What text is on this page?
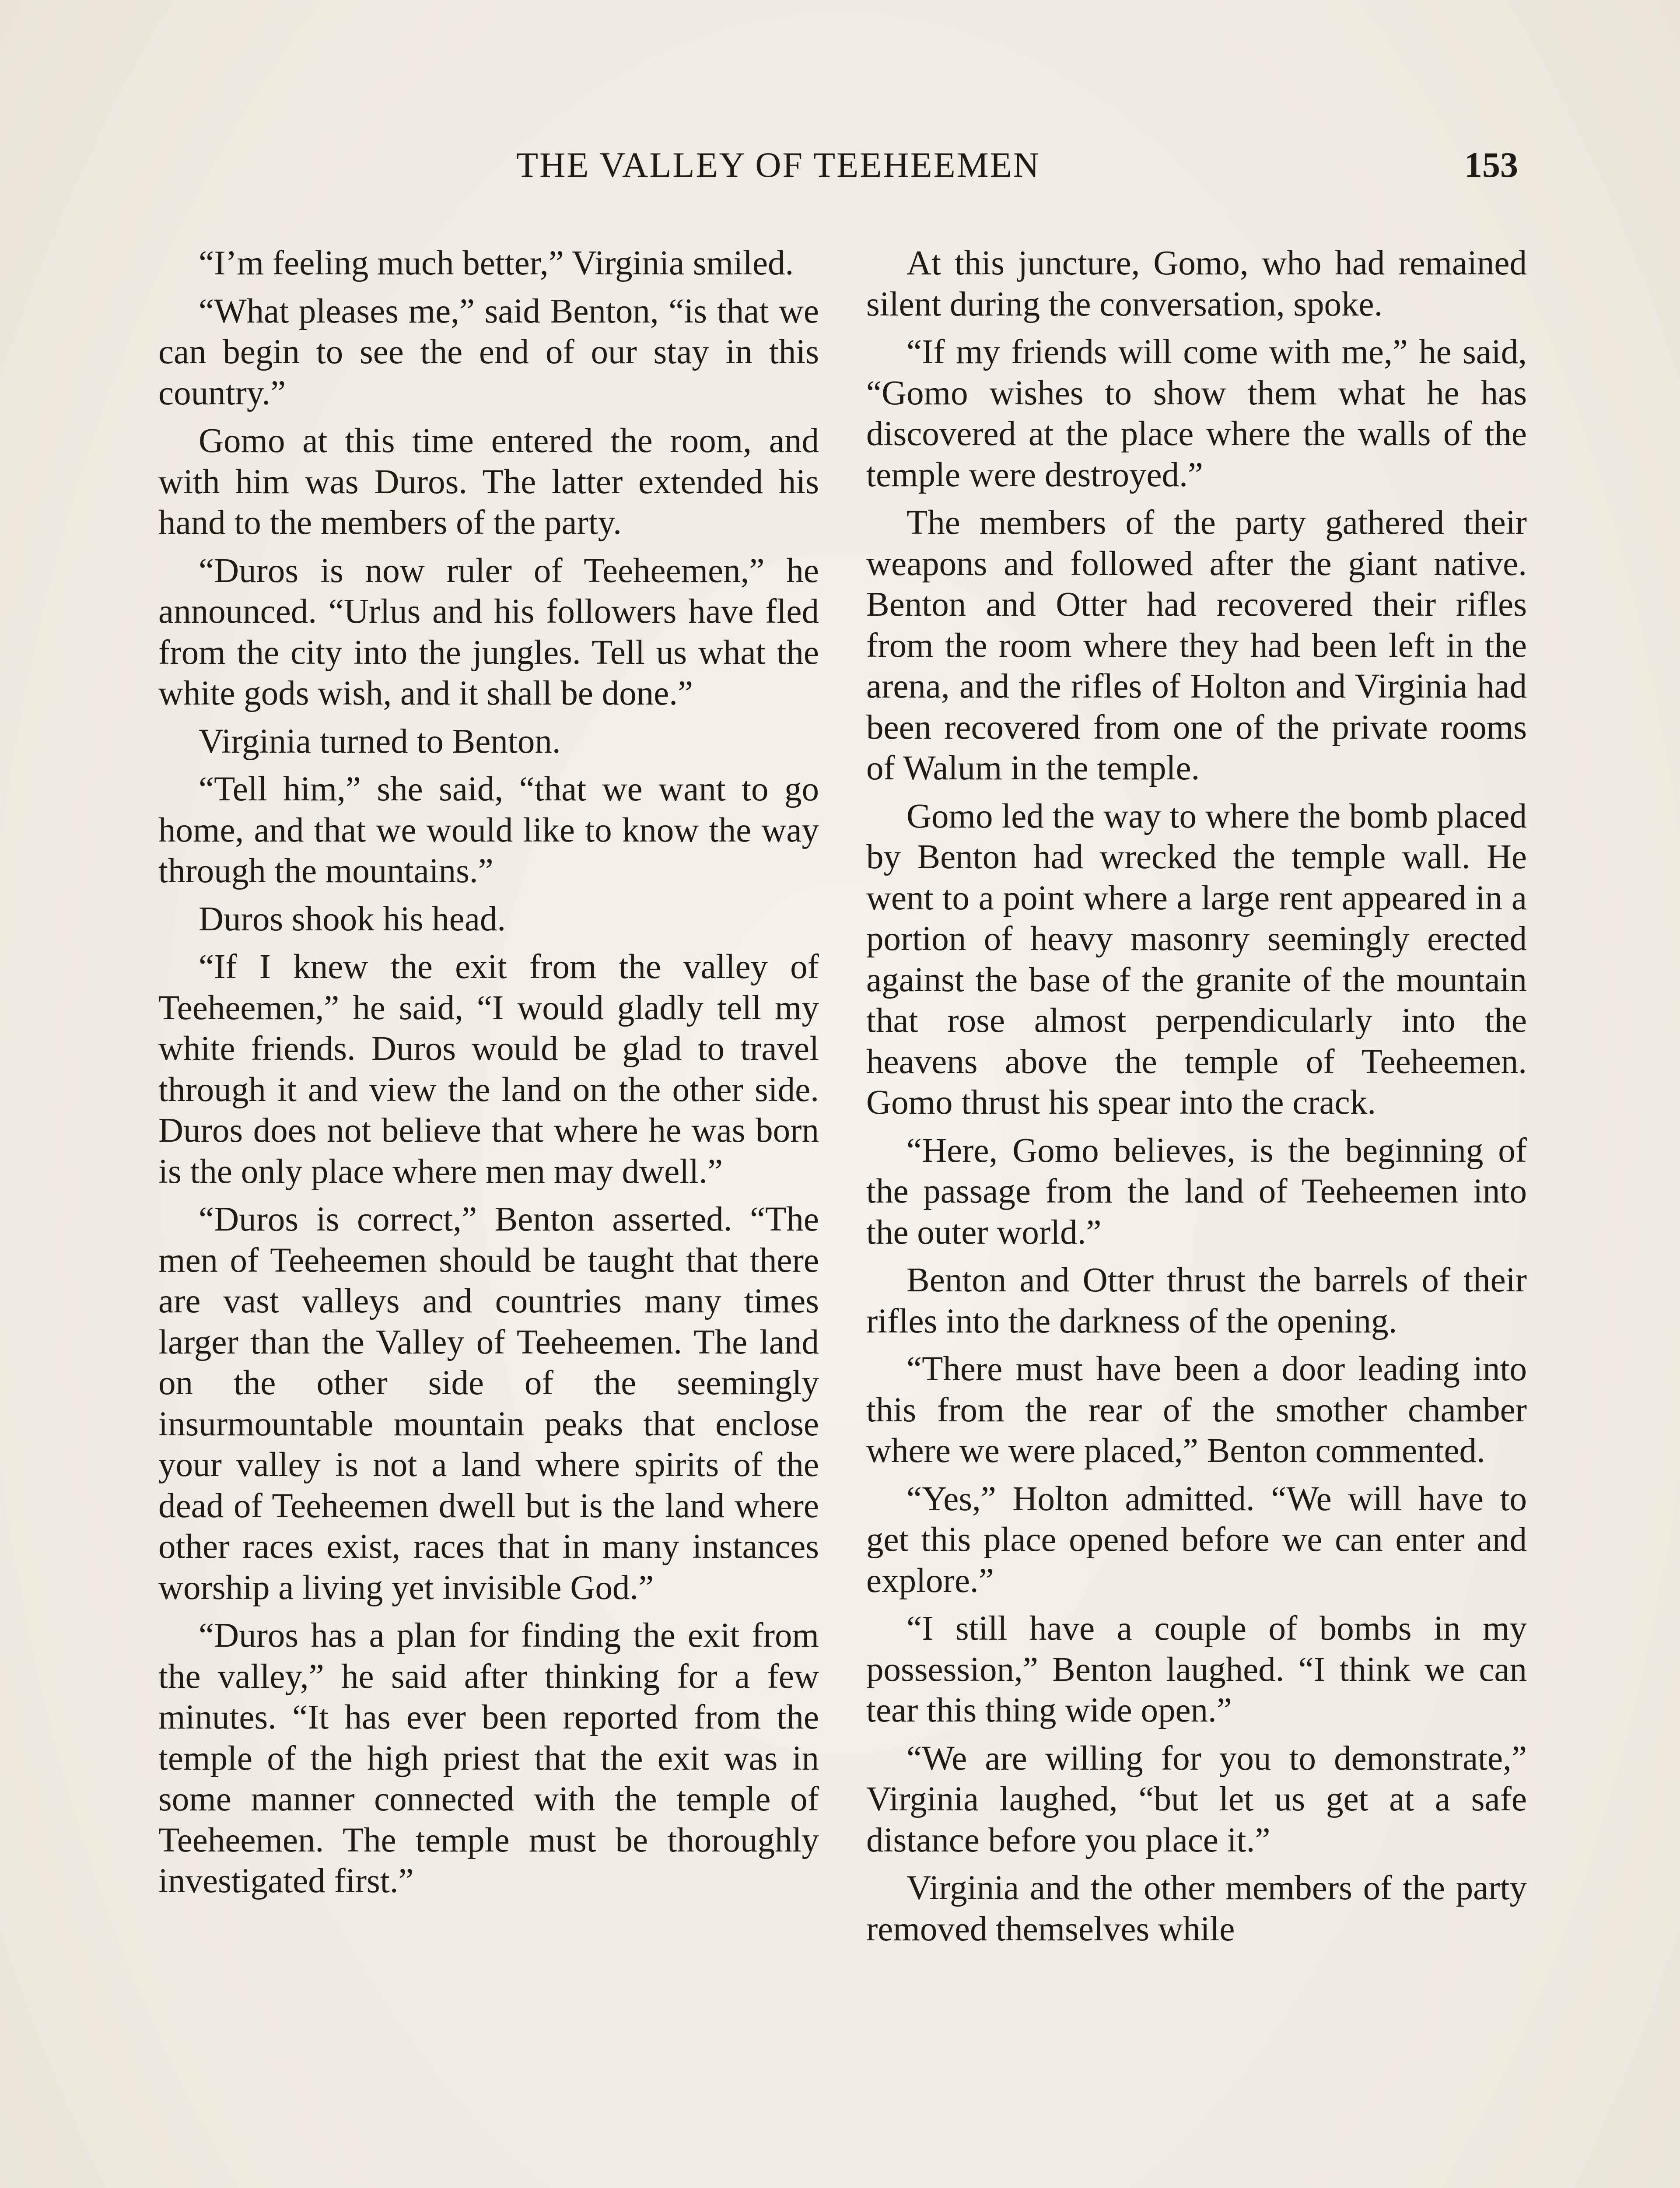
THE VALLEY OF TEEHEEMEN	153

“I’m feeling much better,” Virginia smiled.

“What pleases me,” said Benton, “is that we can begin to see the end of our stay in this country.”

Gomo at this time entered the room, and with him was Duros. The latter extended his hand to the members of the party.

“Duros is now ruler of Teeheemen,” he announced. “Urlus and his followers have fled from the city into the jungles. Tell us what the white gods wish, and it shall be done.”

Virginia turned to Benton.

“Tell him,” she said, “that we want to go home, and that we would like to know the way through the mountains.”

Duros shook his head.

“If I knew the exit from the valley of Teeheemen,” he said, “I would gladly tell my white friends. Duros would be glad to travel through it and view the land on the other side. Duros does not believe that where he was born is the only place where men may dwell.”

“Duros is correct,” Benton asserted. “The men of Teeheemen should be taught that there are vast valleys and countries many times larger than the Valley of Teeheemen. The land on the other side of the seemingly insurmountable mountain peaks that enclose your valley is not a land where spirits of the dead of Teeheemen dwell but is the land where other races exist, races that in many instances worship a living yet invisible God.”

“Duros has a plan for finding the exit from the valley,” he said after thinking for a few minutes. “It has ever been reported from the temple of the high priest that the exit was in some manner connected with the temple of Teeheemen. The temple must be thoroughly investigated first.”

At this juncture, Gomo, who had remained silent during the conversation, spoke.

“If my friends will come with me,” he said, “Gomo wishes to show them what he has discovered at the place where the walls of the temple were destroyed.”

The members of the party gathered their weapons and followed after the giant native. Benton and Otter had recovered their rifles from the room where they had been left in the arena, and the rifles of Holton and Virginia had been recovered from one of the private rooms of Walum in the temple.

Gomo led the way to where the bomb placed by Benton had wrecked the temple wall. He went to a point where a large rent appeared in a portion of heavy masonry seemingly erected against the base of the granite of the mountain that rose almost perpendicularly into the heavens above the temple of Teeheemen. Gomo thrust his spear into the crack.

“Here, Gomo believes, is the beginning of the passage from the land of Teeheemen into the outer world.”

Benton and Otter thrust the barrels of their rifles into the darkness of the opening.

“There must have been a door leading into this from the rear of the smother chamber where we were placed,” Benton commented.

“Yes,” Holton admitted. “We will have to get this place opened before we can enter and explore.”

“I still have a couple of bombs in my possession,” Benton laughed. “I think we can tear this thing wide open.”

“We are willing for you to demonstrate,” Virginia laughed, “but let us get at a safe distance before you place it.”

Virginia and the other members of the party removed themselves while
